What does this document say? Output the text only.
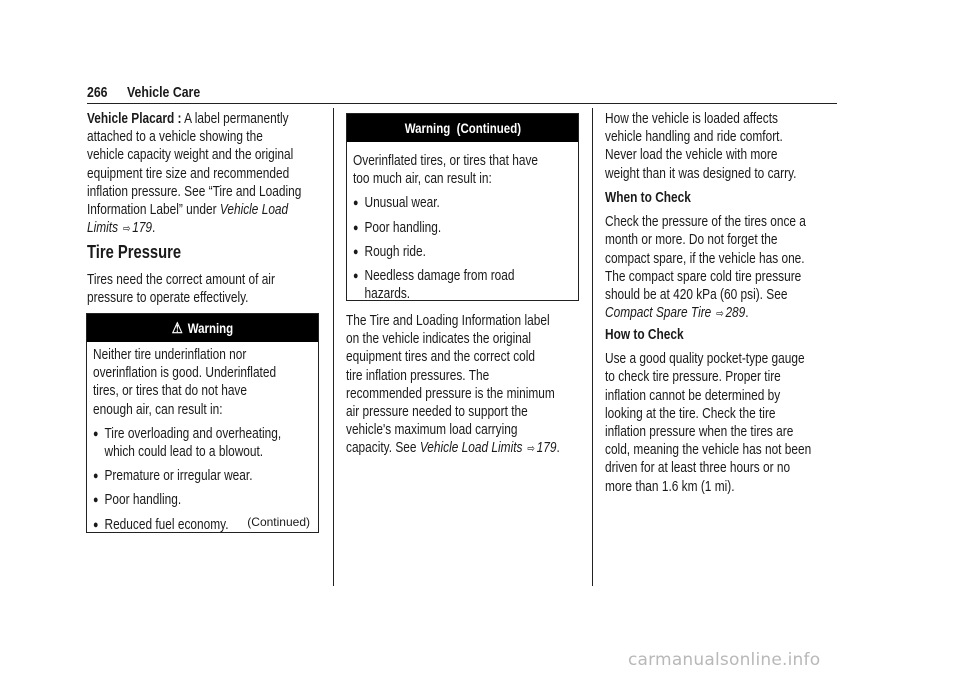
266 Vehicle Care
Vehicle Placard : A label permanently
attached to a vehicle showing the
vehicle capacity weight and the original
equipment tire size and recommended
inflation pressure. See “Tire and Loading
Information Label” under Vehicle Load
Limits ⇨ 179.
Tire Pressure
Tires need the correct amount of air
pressure to operate effectively.
⚠ Warning
Neither tire underinflation nor
overinflation is good. Underinflated
tires, or tires that do not have
enough air, can result in:
●
Tire overloading and overheating,
which could lead to a blowout.
●
Premature or irregular wear.
●
Poor handling.
●
Reduced fuel economy.	(Continued)
Warning  (Continued)
Overinflated tires, or tires that have
too much air, can result in:
●
Unusual wear.
●
Poor handling.
●
Rough ride.
●
Needless damage from road
hazards.
The Tire and Loading Information label
on the vehicle indicates the original
equipment tires and the correct cold
tire inflation pressures. The
recommended pressure is the minimum
air pressure needed to support the
vehicle's maximum load carrying
capacity. See Vehicle Load Limits ⇨ 179.
How the vehicle is loaded affects
vehicle handling and ride comfort.
Never load the vehicle with more
weight than it was designed to carry.
When to Check
Check the pressure of the tires once a
month or more. Do not forget the
compact spare, if the vehicle has one.
The compact spare cold tire pressure
should be at 420 kPa (60 psi). See
Compact Spare Tire ⇨ 289.
How to Check
Use a good quality pocket-type gauge
to check tire pressure. Proper tire
inflation cannot be determined by
looking at the tire. Check the tire
inflation pressure when the tires are
cold, meaning the vehicle has not been
driven for at least three hours or no
more than 1.6 km (1 mi).
carmanualsonline.info
